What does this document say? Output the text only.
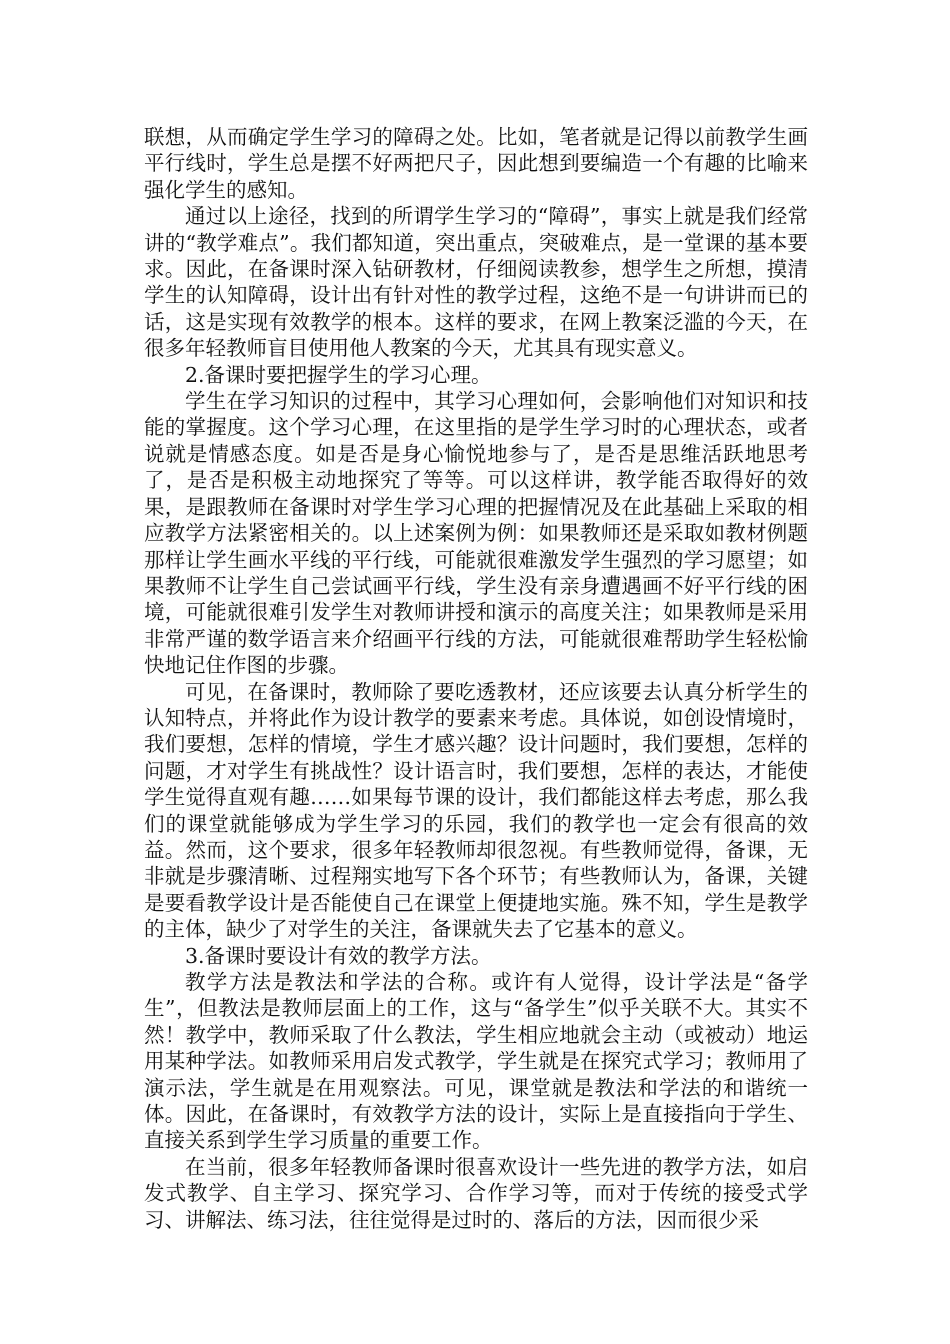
联想，从而确定学生学习的障碍之处。比如，笔者就是记得以前教学生画平行线时，学生总是摆不好两把尺子，因此想到要编造一个有趣的比喻来强化学生的感知。

通过以上途径，找到的所谓学生学习的“障碍”，事实上就是我们经常讲的“教学难点”。我们都知道，突出重点，突破难点，是一堂课的基本要求。因此，在备课时深入钻研教材，仔细阅读教参，想学生之所想，摸清学生的认知障碍，设计出有针对性的教学过程，这绝不是一句讲讲而已的话，这是实现有效教学的根本。这样的要求，在网上教案泛滥的今天，在很多年轻教师盲目使用他人教案的今天，尤其具有现实意义。

2.备课时要把握学生的学习心理。

学生在学习知识的过程中，其学习心理如何，会影响他们对知识和技能的掌握度。这个学习心理，在这里指的是学生学习时的心理状态，或者说就是情感态度。如是否是身心愉悦地参与了，是否是思维活跃地思考了，是否是积极主动地探究了等等。可以这样讲，教学能否取得好的效果，是跟教师在备课时对学生学习心理的把握情况及在此基础上采取的相应教学方法紧密相关的。以上述案例为例：如果教师还是采取如教材例题那样让学生画水平线的平行线，可能就很难激发学生强烈的学习愿望；如果教师不让学生自己尝试画平行线，学生没有亲身遭遇画不好平行线的困境，可能就很难引发学生对教师讲授和演示的高度关注；如果教师是采用非常严谨的数学语言来介绍画平行线的方法，可能就很难帮助学生轻松愉快地记住作图的步骤。

可见，在备课时，教师除了要吃透教材，还应该要去认真分析学生的认知特点，并将此作为设计教学的要素来考虑。具体说，如创设情境时，我们要想，怎样的情境，学生才感兴趣？设计问题时，我们要想，怎样的问题，才对学生有挑战性？设计语言时，我们要想，怎样的表达，才能使学生觉得直观有趣……如果每节课的设计，我们都能这样去考虑，那么我们的课堂就能够成为学生学习的乐园，我们的教学也一定会有很高的效益。然而，这个要求，很多年轻教师却很忽视。有些教师觉得，备课，无非就是步骤清晰、过程翔实地写下各个环节；有些教师认为，备课，关键是要看教学设计是否能使自己在课堂上便捷地实施。殊不知，学生是教学的主体，缺少了对学生的关注，备课就失去了它基本的意义。

3.备课时要设计有效的教学方法。

教学方法是教法和学法的合称。或许有人觉得，设计学法是“备学生”，但教法是教师层面上的工作，这与“备学生”似乎关联不大。其实不然！教学中，教师采取了什么教法，学生相应地就会主动（或被动）地运用某种学法。如教师采用启发式教学，学生就是在探究式学习；教师用了演示法，学生就是在用观察法。可见，课堂就是教法和学法的和谐统一体。因此，在备课时，有效教学方法的设计，实际上是直接指向于学生、直接关系到学生学习质量的重要工作。

在当前，很多年轻教师备课时很喜欢设计一些先进的教学方法，如启发式教学、自主学习、探究学习、合作学习等，而对于传统的接受式学习、讲解法、练习法，往往觉得是过时的、落后的方法，因而很少采
